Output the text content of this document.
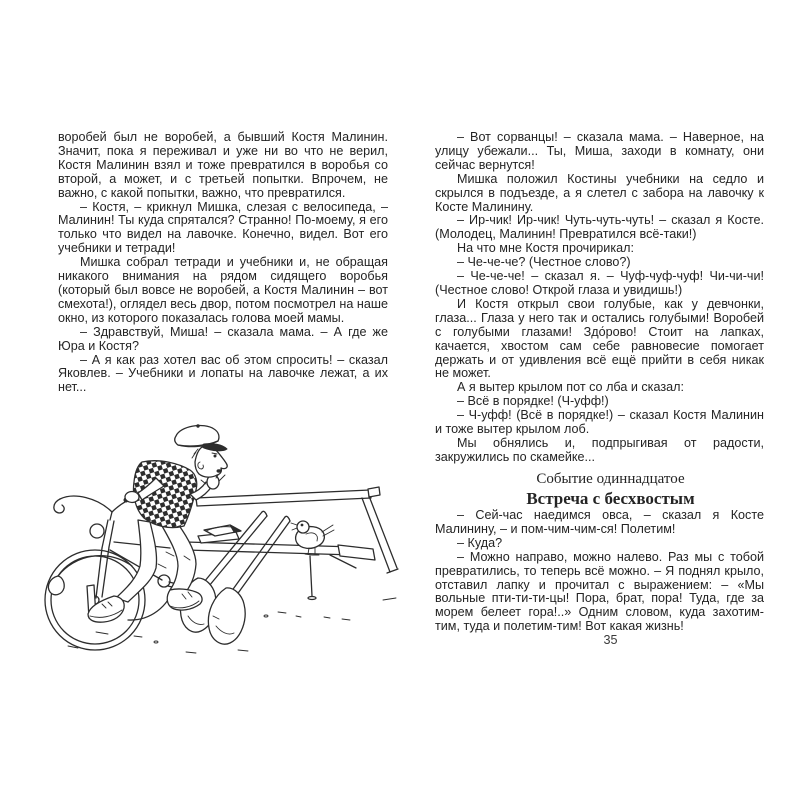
воробей был не воробей, а бывший Костя Малинин. Значит, пока я переживал и уже ни во что не верил, Костя Малинин взял и тоже превратился в воробья со второй, а может, и с третьей попытки. Впрочем, не важно, с какой попытки, важно, что превратился.

– Костя, – крикнул Мишка, слезая с велосипеда, – Малинин! Ты куда спрятался? Странно! По-моему, я его только что видел на лавочке. Конечно, видел. Вот его учебники и тетради!

Мишка собрал тетради и учебники и, не обращая никакого внимания на рядом сидящего воробья (который был вовсе не воробей, а Костя Малинин – вот смехота!), оглядел весь двор, потом посмотрел на наше окно, из которого показалась голова моей мамы.

– Здравствуй, Миша! – сказала мама. – А где же Юра и Костя?

– А я как раз хотел вас об этом спросить! – сказал Яковлев. – Учебники и лопаты на лавочке лежат, а их нет...

– Вот сорванцы! – сказала мама. – Наверное, на улицу убежали... Ты, Миша, заходи в комнату, они сейчас вернутся!

Мишка положил Костины учебники на седло и скрылся в подъезде, а я слетел с забора на лавочку к Косте Малинину.

– Ир-чик! Ир-чик! Чуть-чуть-чуть! – сказал я Косте. (Молодец, Малинин! Превратился всё-таки!)

На что мне Костя прочирикал:

– Че-че-че? (Честное слово?)

– Че-че-че! – сказал я. – Чуф-чуф-чуф! Чи-чи-чи! (Честное слово! Открой глаза и увидишь!)

И Костя открыл свои голубые, как у девчонки, глаза... Глаза у него так и остались голубыми! Воробей с голубыми глазами! Здо́рово! Стоит на лапках, качается, хвостом сам себе равновесие помогает держать и от удивления всё ещё прийти в себя никак не может.

А я вытер крылом пот со лба и сказал:

– Всё в порядке! (Ч-уфф!)

– Ч-уфф! (Всё в порядке!) – сказал Костя Малинин и тоже вытер крылом лоб.

Мы обнялись и, подпрыгивая от радости, закружились по скамейке...

Событие одиннадцатое

Встреча с бесхвостым

– Сей-час наедимся овса, – сказал я Косте Малинину, – и пом-чим-чим-ся! Полетим!

– Куда?

– Можно направо, можно налево. Раз мы с тобой превратились, то теперь всё можно. – Я поднял крыло, отставил лапку и прочитал с выражением: – «Мы вольные пти-ти-ти-цы! Пора, брат, пора! Туда, где за морем белеет гора!..» Одним словом, куда захотим-тим, туда и полетим-тим! Вот какая жизнь!

35
